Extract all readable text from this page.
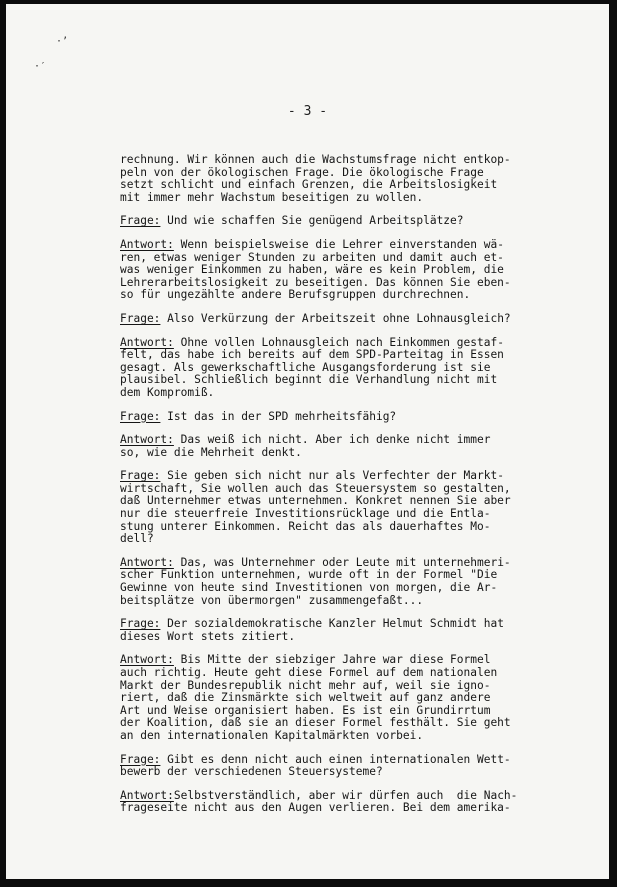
·’
·′
- 3 -
rechnung. Wir können auch die Wachstumsfrage nicht entkop-
peln von der ökologischen Frage. Die ökologische Frage
setzt schlicht und einfach Grenzen, die Arbeitslosigkeit
mit immer mehr Wachstum beseitigen zu wollen.
Frage: Und wie schaffen Sie genügend Arbeitsplätze?
Antwort: Wenn beispielsweise die Lehrer einverstanden wä-
ren, etwas weniger Stunden zu arbeiten und damit auch et-
was weniger Einkommen zu haben, wäre es kein Problem, die
Lehrerarbeitslosigkeit zu beseitigen. Das können Sie eben-
so für ungezählte andere Berufsgruppen durchrechnen.
Frage: Also Verkürzung der Arbeitszeit ohne Lohnausgleich?
Antwort: Ohne vollen Lohnausgleich nach Einkommen gestaf-
felt, das habe ich bereits auf dem SPD-Parteitag in Essen
gesagt. Als gewerkschaftliche Ausgangsforderung ist sie
plausibel. Schließlich beginnt die Verhandlung nicht mit
dem Kompromiß.
Frage: Ist das in der SPD mehrheitsfähig?
Antwort: Das weiß ich nicht. Aber ich denke nicht immer
so, wie die Mehrheit denkt.
Frage: Sie geben sich nicht nur als Verfechter der Markt-
wirtschaft, Sie wollen auch das Steuersystem so gestalten,
daß Unternehmer etwas unternehmen. Konkret nennen Sie aber
nur die steuerfreie Investitionsrücklage und die Entla-
stung unterer Einkommen. Reicht das als dauerhaftes Mo-
dell?
Antwort: Das, was Unternehmer oder Leute mit unternehmeri-
scher Funktion unternehmen, wurde oft in der Formel "Die
Gewinne von heute sind Investitionen von morgen, die Ar-
beitsplätze von übermorgen" zusammengefaßt...
Frage: Der sozialdemokratische Kanzler Helmut Schmidt hat
dieses Wort stets zitiert.
Antwort: Bis Mitte der siebziger Jahre war diese Formel
auch richtig. Heute geht diese Formel auf dem nationalen
Markt der Bundesrepublik nicht mehr auf, weil sie igno-
riert, daß die Zinsmärkte sich weltweit auf ganz andere
Art und Weise organisiert haben. Es ist ein Grundirrtum
der Koalition, daß sie an dieser Formel festhält. Sie geht
an den internationalen Kapitalmärkten vorbei.
Frage: Gibt es denn nicht auch einen internationalen Wett-
bewerb der verschiedenen Steuersysteme?
Antwort:Selbstverständlich, aber wir dürfen auch  die Nach-
frageseite nicht aus den Augen verlieren. Bei dem amerika-
